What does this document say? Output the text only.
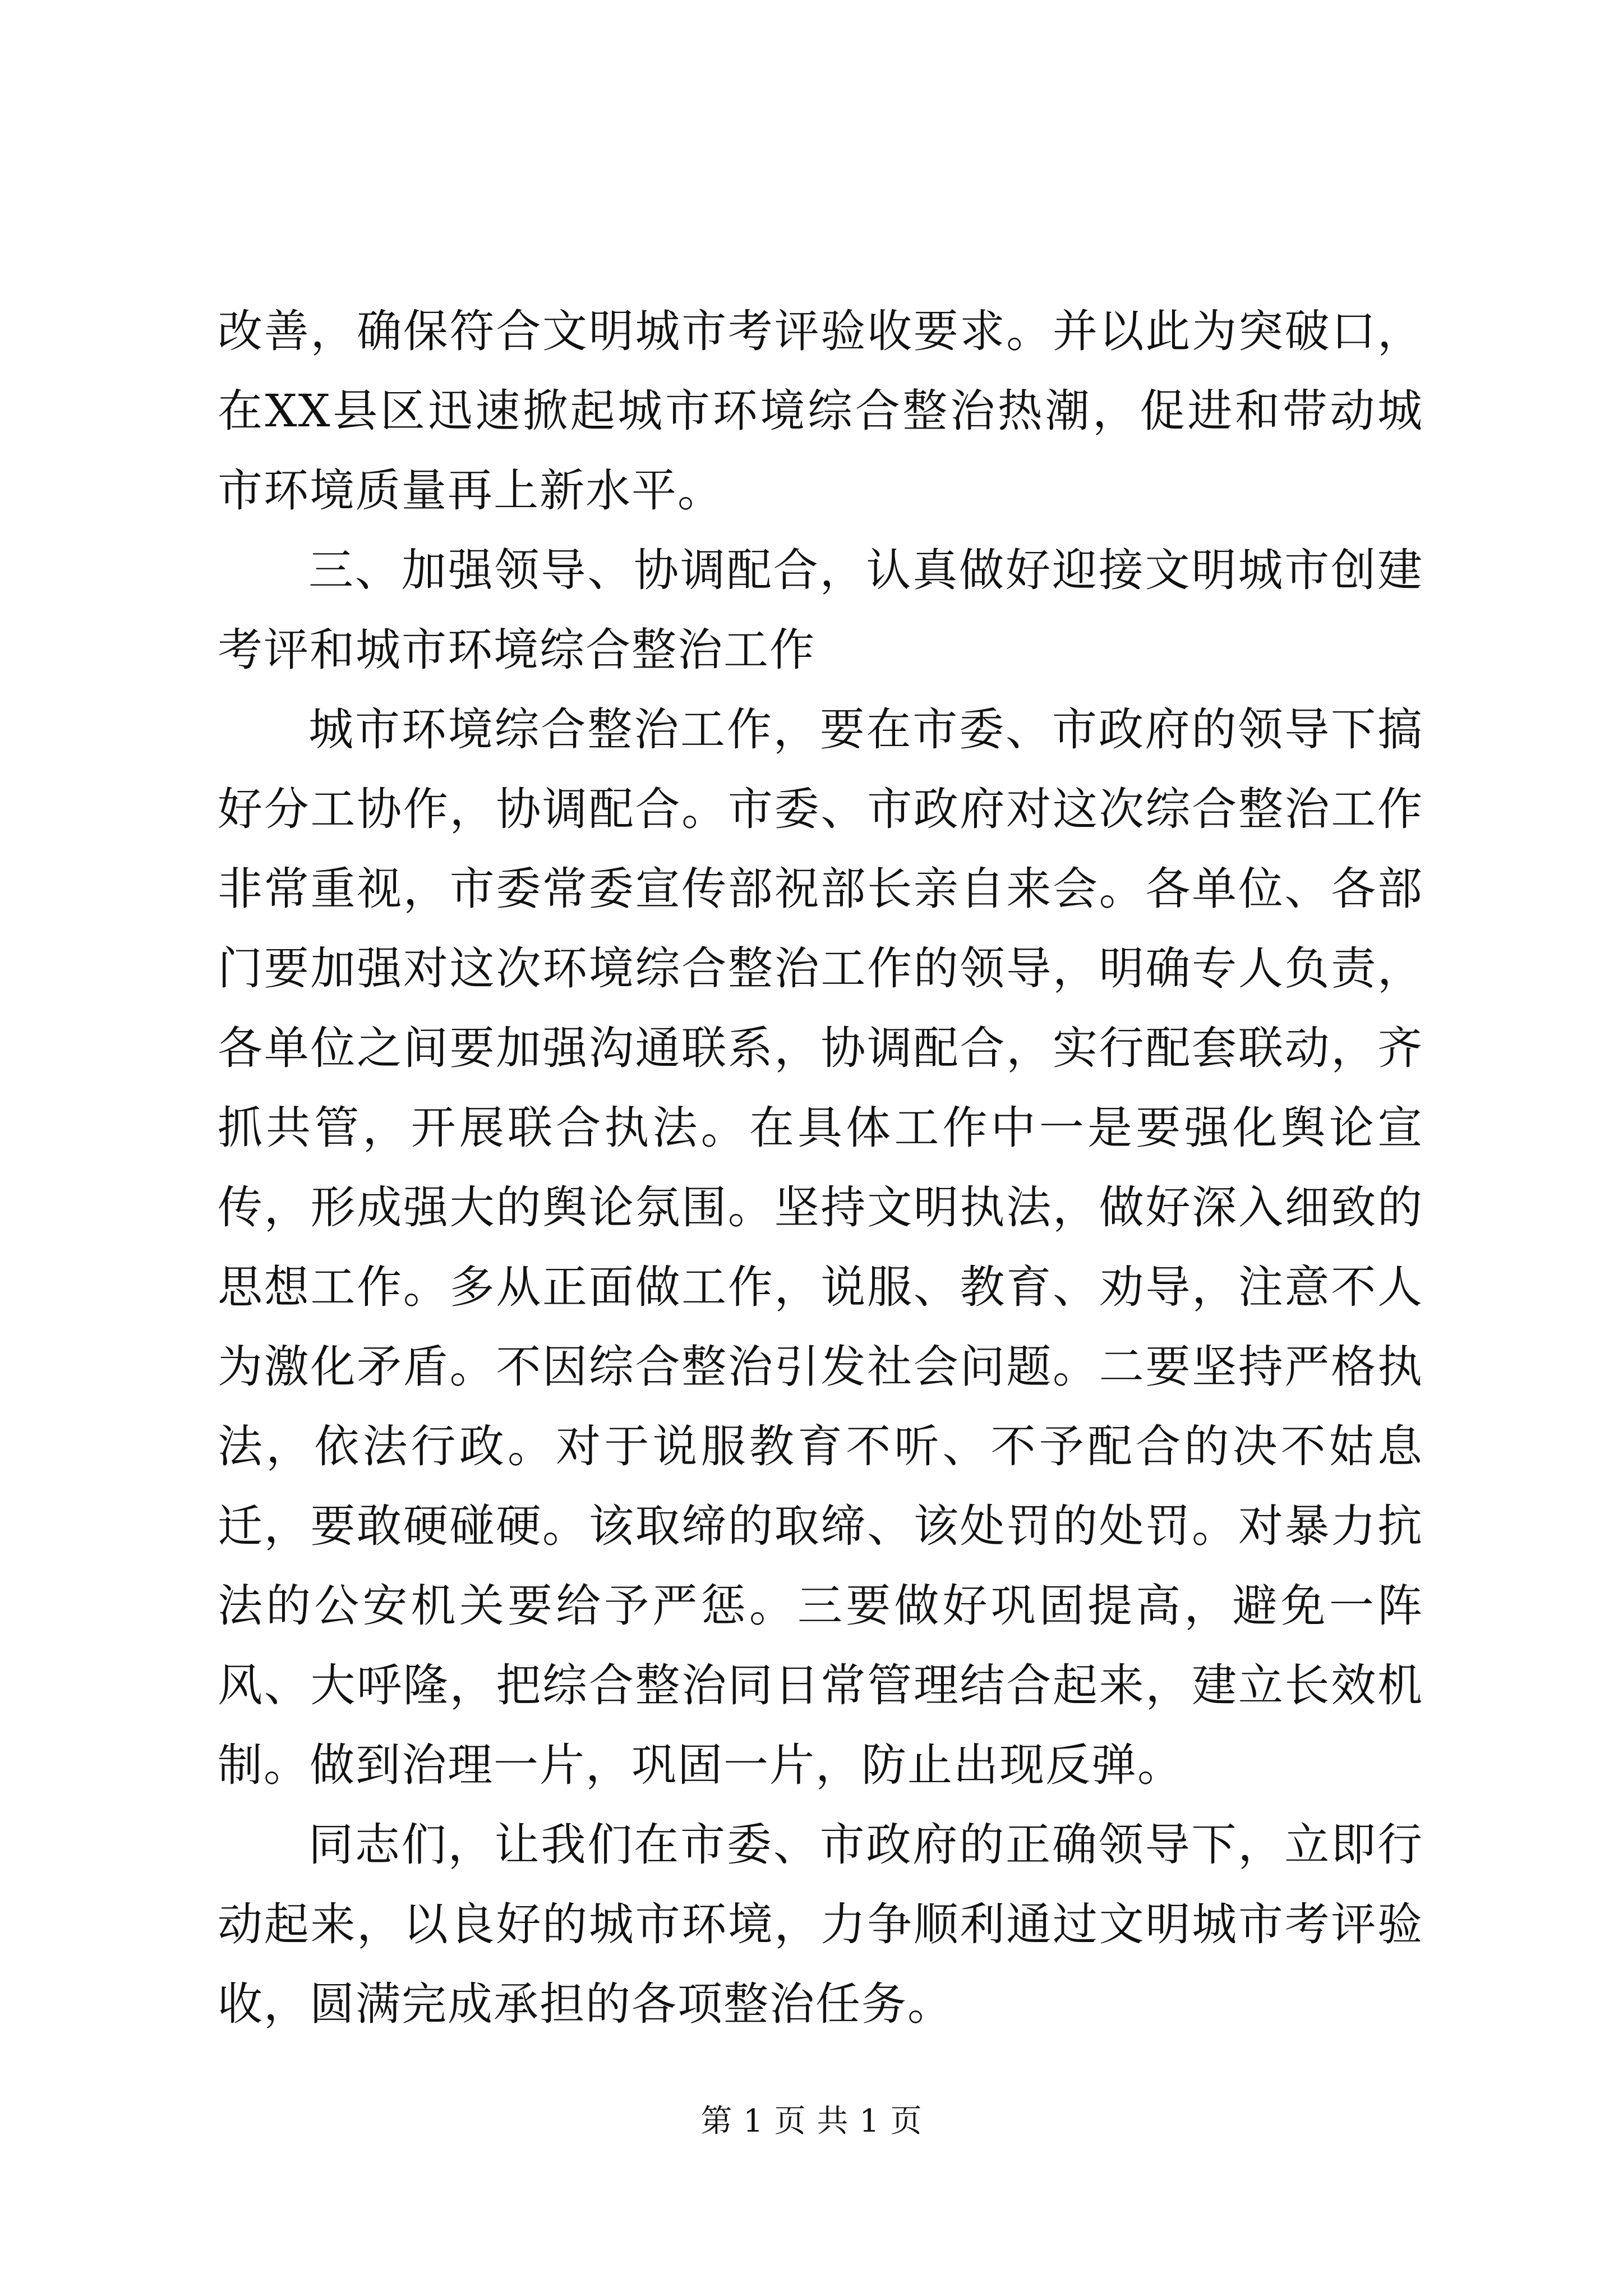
改善，确保符合文明城市考评验收要求。并以此为突破口，在XX县区迅速掀起城市环境综合整治热潮，促进和带动城市环境质量再上新水平。

三、加强领导、协调配合，认真做好迎接文明城市创建考评和城市环境综合整治工作

城市环境综合整治工作，要在市委、市政府的领导下搞好分工协作，协调配合。市委、市政府对这次综合整治工作非常重视，市委常委宣传部祝部长亲自来会。各单位、各部门要加强对这次环境综合整治工作的领导，明确专人负责，各单位之间要加强沟通联系，协调配合，实行配套联动，齐抓共管，开展联合执法。在具体工作中一是要强化舆论宣传，形成强大的舆论氛围。坚持文明执法，做好深入细致的思想工作。多从正面做工作，说服、教育、劝导，注意不人为激化矛盾。不因综合整治引发社会问题。二要坚持严格执法，依法行政。对于说服教育不听、不予配合的决不姑息迁，要敢硬碰硬。该取缔的取缔、该处罚的处罚。对暴力抗法的公安机关要给予严惩。三要做好巩固提高，避免一阵风、大呼隆，把综合整治同日常管理结合起来，建立长效机制。做到治理一片，巩固一片，防止出现反弹。

同志们，让我们在市委、市政府的正确领导下，立即行动起来，以良好的城市环境，力争顺利通过文明城市考评验收，圆满完成承担的各项整治任务。

第 1 页 共 1 页
